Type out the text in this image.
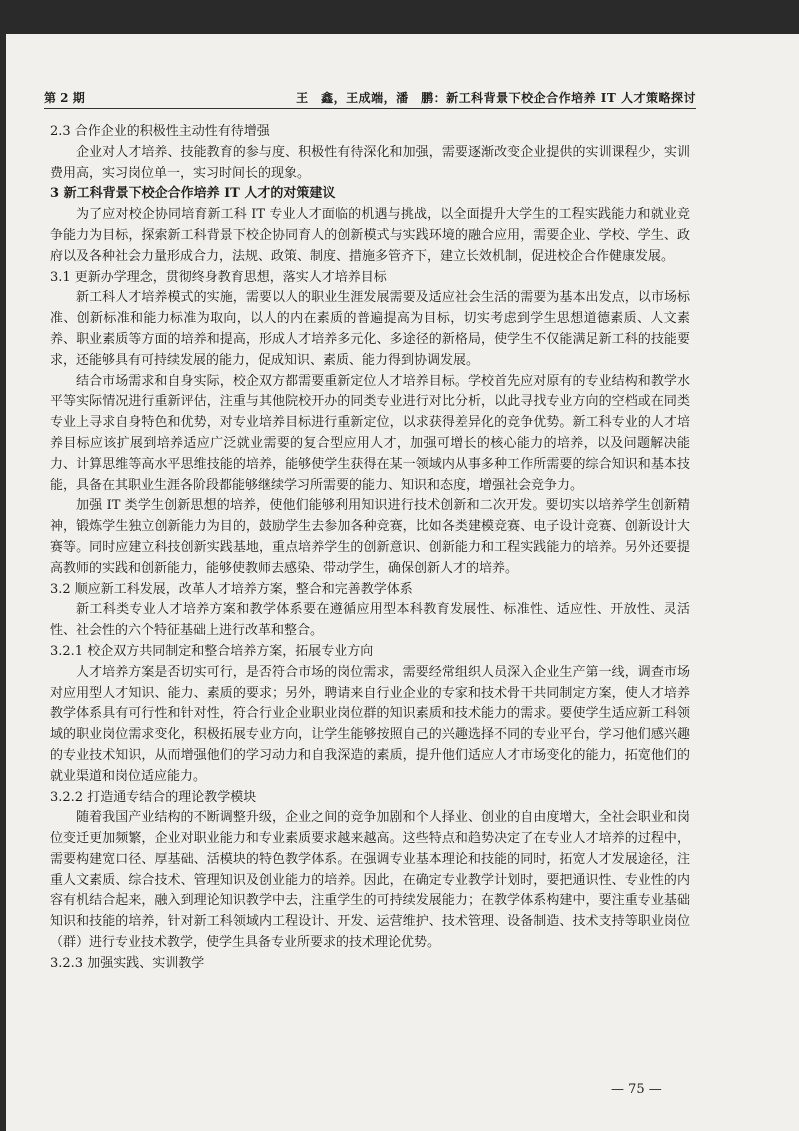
第 2 期	王　鑫，王成端，潘　鹏：新工科背景下校企合作培养 IT 人才策略探讨
2.3 合作企业的积极性主动性有待增强

企业对人才培养、技能教育的参与度、积极性有待深化和加强，需要逐渐改变企业提供的实训课程少，实训费用高，实习岗位单一，实习时间长的现象。

3 新工科背景下校企合作培养 IT 人才的对策建议

为了应对校企协同培育新工科 IT 专业人才面临的机遇与挑战，以全面提升大学生的工程实践能力和就业竞争能力为目标，探索新工科背景下校企协同育人的创新模式与实践环境的融合应用，需要企业、学校、学生、政府以及各种社会力量形成合力，法规、政策、制度、措施多管齐下，建立长效机制，促进校企合作健康发展。

3.1 更新办学理念，贯彻终身教育思想，落实人才培养目标

新工科人才培养模式的实施，需要以人的职业生涯发展需要及适应社会生活的需要为基本出发点，以市场标准、创新标准和能力标准为取向，以人的内在素质的普遍提高为目标，切实考虑到学生思想道德素质、人文素养、职业素质等方面的培养和提高，形成人才培养多元化、多途径的新格局，使学生不仅能满足新工科的技能要求，还能够具有可持续发展的能力，促成知识、素质、能力得到协调发展。

结合市场需求和自身实际，校企双方都需要重新定位人才培养目标。学校首先应对原有的专业结构和教学水平等实际情况进行重新评估，注重与其他院校开办的同类专业进行对比分析，以此寻找专业方向的空档或在同类专业上寻求自身特色和优势，对专业培养目标进行重新定位，以求获得差异化的竞争优势。新工科专业的人才培养目标应该扩展到培养适应广泛就业需要的复合型应用人才，加强可增长的核心能力的培养，以及问题解决能力、计算思维等高水平思维技能的培养，能够使学生获得在某一领域内从事多种工作所需要的综合知识和基本技能，具备在其职业生涯各阶段都能够继续学习所需要的能力、知识和态度，增强社会竞争力。

加强 IT 类学生创新思想的培养，使他们能够利用知识进行技术创新和二次开发。要切实以培养学生创新精神，锻炼学生独立创新能力为目的，鼓励学生去参加各种竞赛，比如各类建模竞赛、电子设计竞赛、创新设计大赛等。同时应建立科技创新实践基地，重点培养学生的创新意识、创新能力和工程实践能力的培养。另外还要提高教师的实践和创新能力，能够使教师去感染、带动学生，确保创新人才的培养。

3.2 顺应新工科发展，改革人才培养方案，整合和完善教学体系

新工科类专业人才培养方案和教学体系要在遵循应用型本科教育发展性、标准性、适应性、开放性、灵活性、社会性的六个特征基础上进行改革和整合。

3.2.1 校企双方共同制定和整合培养方案，拓展专业方向

人才培养方案是否切实可行，是否符合市场的岗位需求，需要经常组织人员深入企业生产第一线，调查市场对应用型人才知识、能力、素质的要求；另外，聘请来自行业企业的专家和技术骨干共同制定方案，使人才培养教学体系具有可行性和针对性，符合行业企业职业岗位群的知识素质和技术能力的需求。要使学生适应新工科领域的职业岗位需求变化，积极拓展专业方向，让学生能够按照自己的兴趣选择不同的专业平台，学习他们感兴趣的专业技术知识，从而增强他们的学习动力和自我深造的素质，提升他们适应人才市场变化的能力，拓宽他们的就业渠道和岗位适应能力。

3.2.2 打造通专结合的理论教学模块

随着我国产业结构的不断调整升级，企业之间的竞争加剧和个人择业、创业的自由度增大，全社会职业和岗位变迁更加频繁，企业对职业能力和专业素质要求越来越高。这些特点和趋势决定了在专业人才培养的过程中，需要构建宽口径、厚基础、活模块的特色教学体系。在强调专业基本理论和技能的同时，拓宽人才发展途径，注重人文素质、综合技术、管理知识及创业能力的培养。因此，在确定专业教学计划时，要把通识性、专业性的内容有机结合起来，融入到理论知识教学中去，注重学生的可持续发展能力；在教学体系构建中，要注重专业基础知识和技能的培养，针对新工科领域内工程设计、开发、运营维护、技术管理、设备制造、技术支持等职业岗位（群）进行专业技术教学，使学生具备专业所要求的技术理论优势。

3.2.3 加强实践、实训教学
— 75 —
